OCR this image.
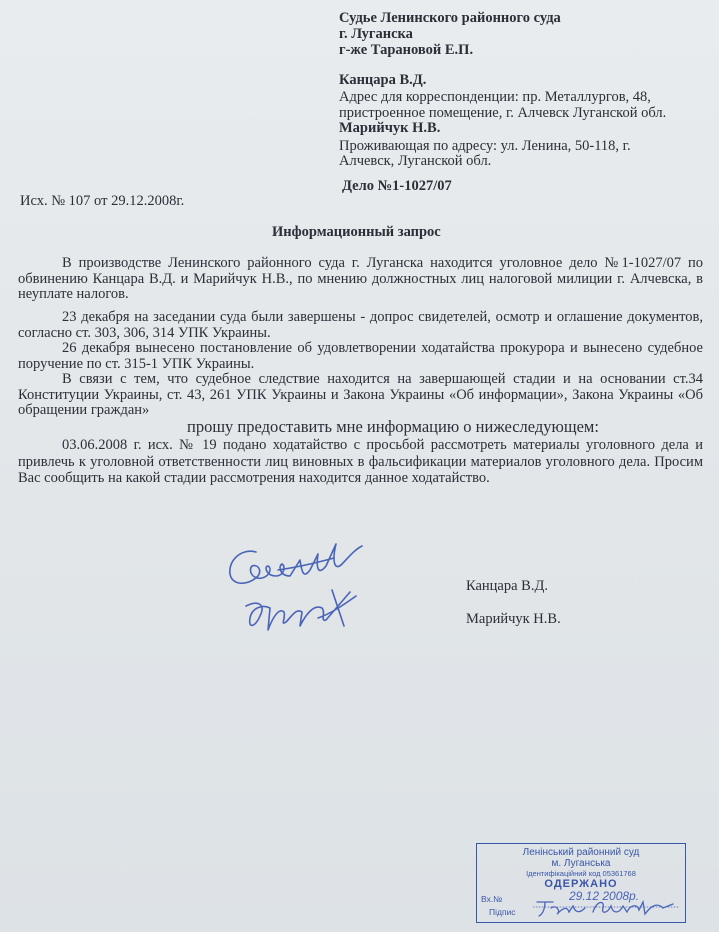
Судье Ленинского районного суда
г. Луганска
г-же Тарановой Е.П.
Канцара В.Д.
Адрес для корреспонденции: пр. Металлургов, 48,
пристроенное помещение, г. Алчевск Луганской обл.
Марийчук Н.В.
Проживающая по адресу: ул. Ленина, 50-118, г.
Алчевск, Луганской обл.
Дело №1-1027/07
Исх. № 107 от 29.12.2008г.
Информационный запрос
В производстве Ленинского районного суда г. Луганска находится уголовное дело №1-1027/07 по обвинению Канцара В.Д. и Марийчук Н.В., по мнению должностных лиц налоговой милиции г. Алчевска, в неуплате налогов.
23 декабря на заседании суда были завершены - допрос свидетелей, осмотр и оглашение документов, согласно ст. 303, 306, 314 УПК Украины.
26 декабря вынесено постановление об удовлетворении ходатайства прокурора и вынесено судебное поручение по ст. 315-1 УПК Украины.
В связи с тем, что судебное следствие находится на завершающей стадии и на основании ст.34 Конституции Украины, ст. 43, 261 УПК Украины и Закона Украины «Об информации», Закона Украины «Об обращении граждан»
прошу предоставить мне информацию о нижеследующем:
03.06.2008 г. исх. № 19 подано ходатайство с просьбой рассмотреть материалы уголовного дела и привлечь к уголовной ответственности лиц виновных в фальсификации материалов уголовного дела. Просим Вас сообщить на какой стадии рассмотрения находится данное ходатайство.
Канцара В.Д.
Марийчук Н.В.
Ленінський районний суд
м. Луганська
Ідентифікаційний код 05361768
ОДЕРЖАНО
Вх.№	29.12 2008р.
Підпис
